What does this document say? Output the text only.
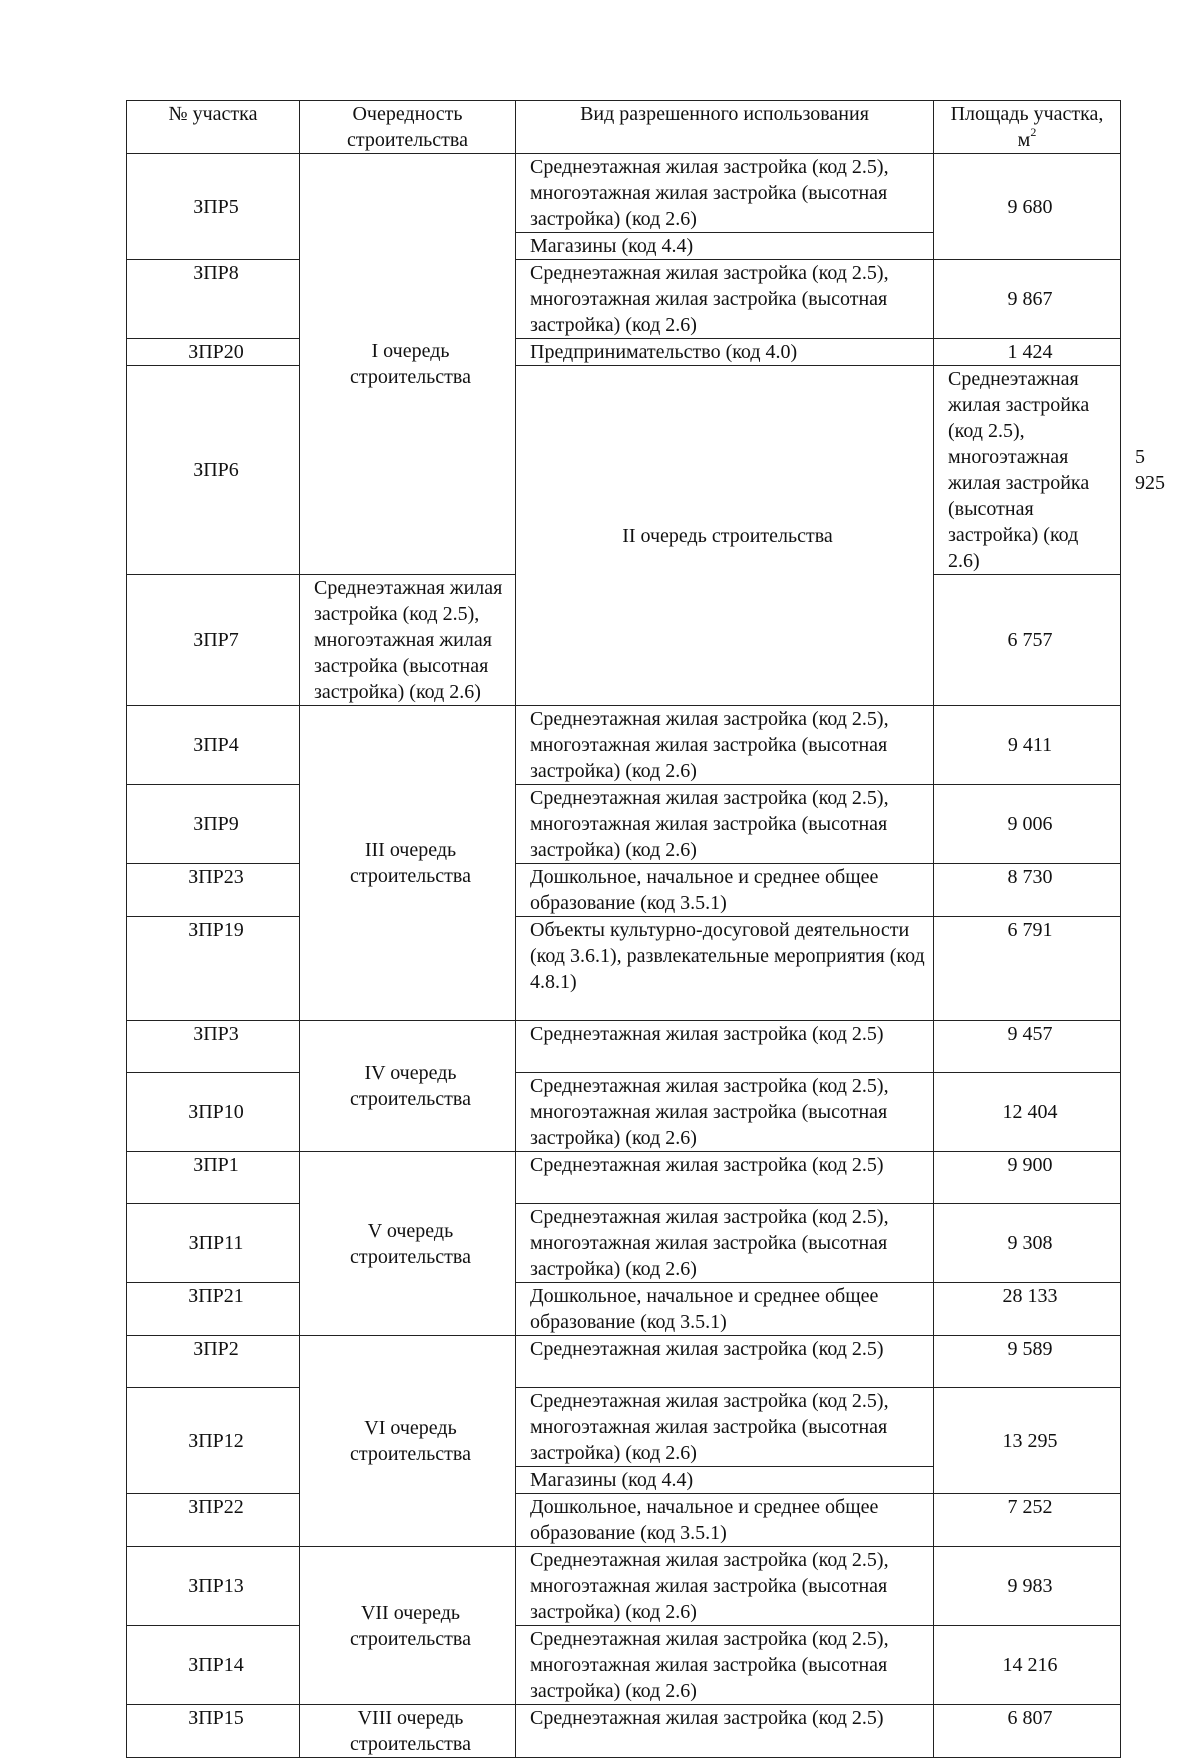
№ участка	Очередность строительства	Вид разрешенного использования	Площадь участка, $м^2$
ЗПР5	I очередь строительства	Среднеэтажная жилая застройка (код 2.5), многоэтажная жилая застройка (высотная застройка) (код 2.6)	9 680	
		Магазины (код 4.4)		
ЗПР8		Среднеэтажная жилая застройка (код 2.5), многоэтажная жилая застройка (высотная застройка) (код 2.6)	9 867	
ЗПР20		Предпринимательство (код 4.0)	1 424	
ЗПР6		II очередь строительства	Среднеэтажная жилая застройка (код 2.5), многоэтажная жилая застройка (высотная застройка) (код 2.6)	5 925
ЗПР7	Среднеэтажная жилая застройка (код 2.5), многоэтажная жилая застройка (высотная застройка) (код 2.6)		6 757	
ЗПР4	III очередь строительства	Среднеэтажная жилая застройка (код 2.5), многоэтажная жилая застройка (высотная застройка) (код 2.6)	9 411	
ЗПР9		Среднеэтажная жилая застройка (код 2.5), многоэтажная жилая застройка (высотная застройка) (код 2.6)	9 006	
ЗПР23		Дошкольное, начальное и среднее общее образование (код 3.5.1)	8 730	
ЗПР19		Объекты культурно-досуговой деятельности (код 3.6.1), развлекательные мероприятия (код 4.8.1)	6 791	
ЗПР3	IV очередь строительства	Среднеэтажная жилая застройка (код 2.5)	9 457	
ЗПР10		Среднеэтажная жилая застройка (код 2.5), многоэтажная жилая застройка (высотная застройка) (код 2.6)	12 404	
ЗПР1	V очередь строительства	Среднеэтажная жилая застройка (код 2.5)	9 900	
ЗПР11		Среднеэтажная жилая застройка (код 2.5), многоэтажная жилая застройка (высотная застройка) (код 2.6)	9 308	
ЗПР21		Дошкольное, начальное и среднее общее образование (код 3.5.1)	28 133	
ЗПР2	VI очередь строительства	Среднеэтажная жилая застройка (код 2.5)	9 589	
ЗПР12		Среднеэтажная жилая застройка (код 2.5), многоэтажная жилая застройка (высотная застройка) (код 2.6)	13 295	
		Магазины (код 4.4)		
ЗПР22		Дошкольное, начальное и среднее общее образование (код 3.5.1)	7 252	
ЗПР13	VII очередь строительства	Среднеэтажная жилая застройка (код 2.5), многоэтажная жилая застройка (высотная застройка) (код 2.6)	9 983	
ЗПР14		Среднеэтажная жилая застройка (код 2.5), многоэтажная жилая застройка (высотная застройка) (код 2.6)	14 216	
ЗПР15	VIII очередь строительства	Среднеэтажная жилая застройка (код 2.5)	6 807	
